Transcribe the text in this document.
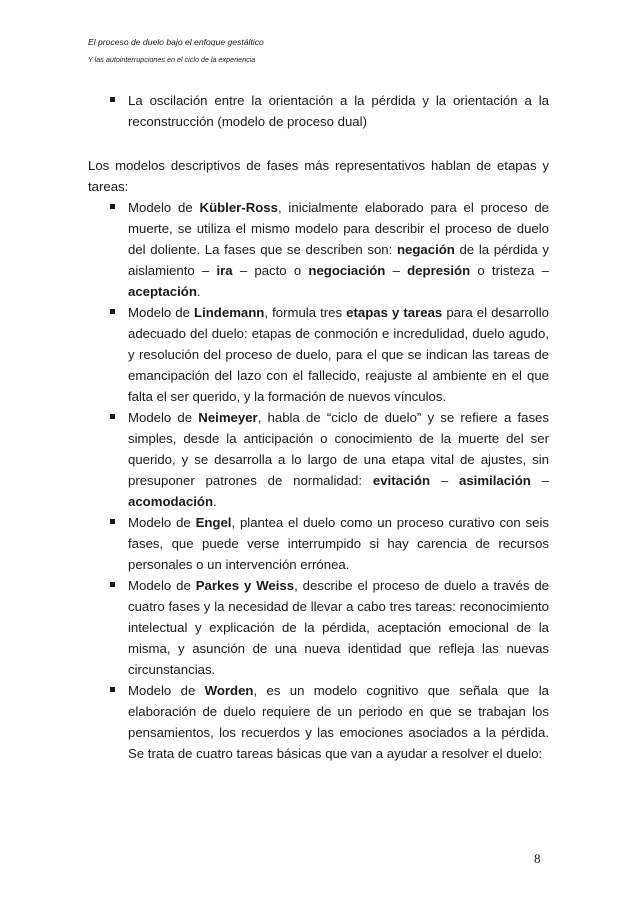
El proceso de duelo bajo el enfoque gestáltico
Y las autointerrupciones en el ciclo de la experiencia

La oscilación entre la orientación a la pérdida y la orientación a la reconstrucción (modelo de proceso dual)

Los modelos descriptivos de fases más representativos hablan de etapas y tareas:

Modelo de Kübler-Ross, inicialmente elaborado para el proceso de muerte, se utiliza el mismo modelo para describir el proceso de duelo del doliente. La fases que se describen son: negación de la pérdida y aislamiento – ira – pacto o negociación – depresión o tristeza – aceptación.

Modelo de Lindemann, formula tres etapas y tareas para el desarrollo adecuado del duelo: etapas de conmoción e incredulidad, duelo agudo, y resolución del proceso de duelo, para el que se indican las tareas de emancipación del lazo con el fallecido, reajuste al ambiente en el que falta el ser querido, y la formación de nuevos vínculos.

Modelo de Neimeyer, habla de “ciclo de duelo” y se refiere a fases simples, desde la anticipación o conocimiento de la muerte del ser querido, y se desarrolla a lo largo de una etapa vital de ajustes, sin presuponer patrones de normalidad: evitación – asimilación – acomodación.

Modelo de Engel, plantea el duelo como un proceso curativo con seis fases, que puede verse interrumpido si hay carencia de recursos personales o un intervención errónea.

Modelo de Parkes y Weiss, describe el proceso de duelo a través de cuatro fases y la necesidad de llevar a cabo tres tareas: reconocimiento intelectual y explicación de la pérdida, aceptación emocional de la misma, y asunción de una nueva identidad que refleja las nuevas circunstancias.

Modelo de Worden, es un modelo cognitivo que señala que la elaboración de duelo requiere de un periodo en que se trabajan los pensamientos, los recuerdos y las emociones asociados a la pérdida. Se trata de cuatro tareas básicas que van a ayudar a resolver el duelo:

8
